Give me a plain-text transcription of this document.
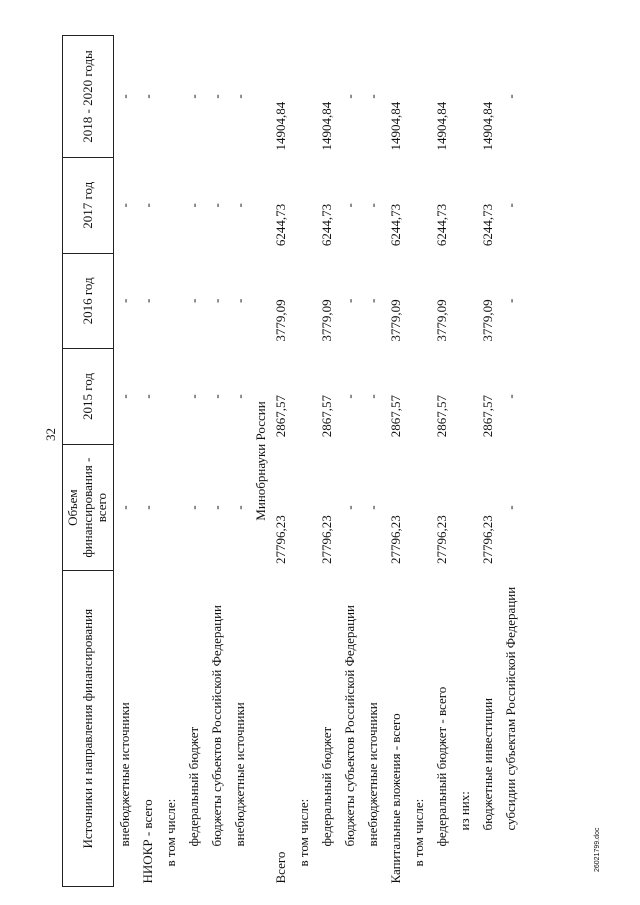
32
Источники и направления финансирования	Объем финансирования - всего	2015 год	2016 год	2017 год	2018 - 2020 годы
внебюджетные источники	-	-	-	-	-
НИОКР - всего	-	-	-	-	-
в том числе:					
федеральный бюджет	-	-	-	-	-
бюджеты субъектов Российской Федерации	-	-	-	-	-
внебюджетные источники	-	-	-	-	-
Минобрнауки России					
Всего	27796,23	2867,57	3779,09	6244,73	14904,84
в том числе:					
федеральный бюджет	27796,23	2867,57	3779,09	6244,73	14904,84
бюджеты субъектов Российской Федерации	-	-	-	-	-
внебюджетные источники	-	-	-	-	-
Капитальные вложения - всего	27796,23	2867,57	3779,09	6244,73	14904,84
в том числе:					
федеральный бюджет - всего	27796,23	2867,57	3779,09	6244,73	14904,84
из них:					
бюджетные инвестиции	27796,23	2867,57	3779,09	6244,73	14904,84
субсидии субъектам Российской Федерации	-	-	-	-	-
26021799.doc
